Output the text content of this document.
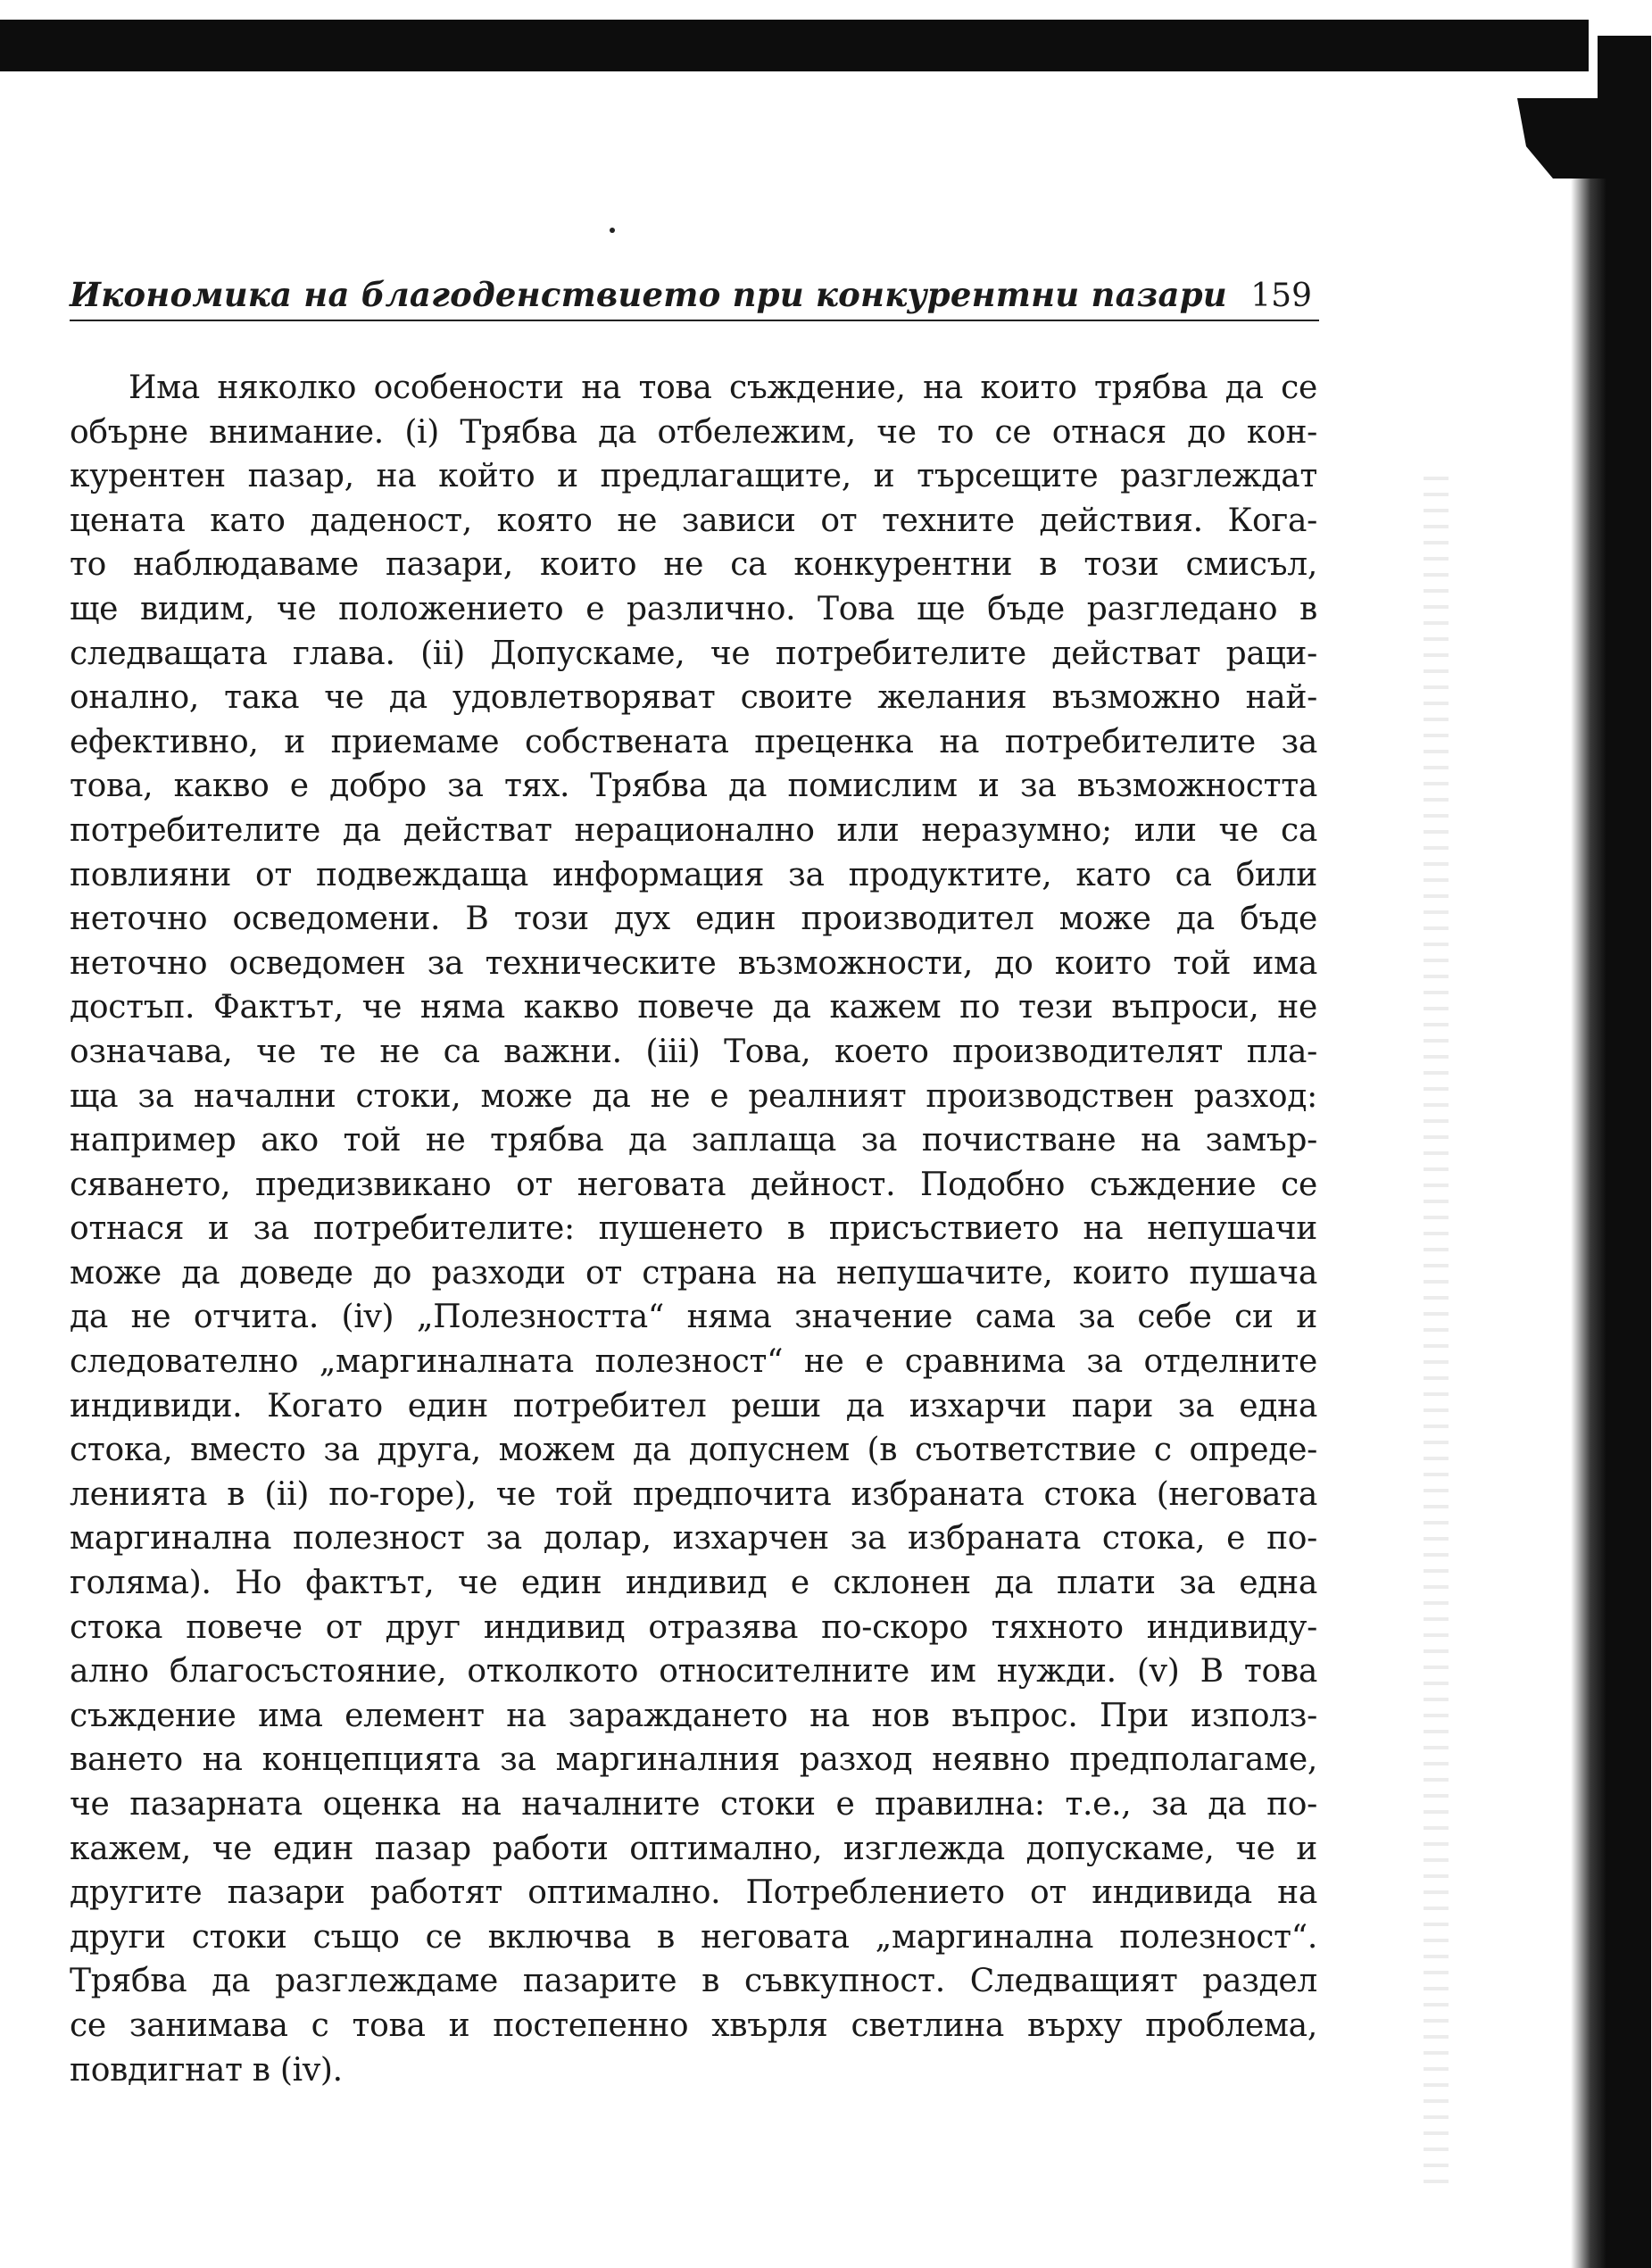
Икономика на благоденствието при конкурентни пазари 159
Има няколко особености на това съждение, на които трябва да се
обърне внимание. (i) Трябва да отбележим, че то се отнася до кон-
курентен пазар, на който и предлагащите, и търсещите разглеждат
цената като даденост, която не зависи от техните действия. Кога-
то наблюдаваме пазари, които не са конкурентни в този смисъл,
ще видим, че положението е различно. Това ще бъде разгледано в
следващата глава. (ii) Допускаме, че потребителите действат раци-
онално, така че да удовлетворяват своите желания възможно най-
ефективно, и приемаме собствената преценка на потребителите за
това, какво е добро за тях. Трябва да помислим и за възможността
потребителите да действат нерационално или неразумно; или че са
повлияни от подвеждаща информация за продуктите, като са били
неточно осведомени. В този дух един производител може да бъде
неточно осведомен за техническите възможности, до които той има
достъп. Фактът, че няма какво повече да кажем по тези въпроси, не
означава, че те не са важни. (iii) Това, което производителят пла-
ща за начални стоки, може да не е реалният производствен разход:
например ако той не трябва да заплаща за почистване на замър-
сяването, предизвикано от неговата дейност. Подобно съждение се
отнася и за потребителите: пушенето в присъствието на непушачи
може да доведе до разходи от страна на непушачите, които пушача
да не отчита. (iv) „Полезността“ няма значение сама за себе си и
следователно „маргиналната полезност“ не е сравнима за отделните
индивиди. Когато един потребител реши да изхарчи пари за една
стока, вместо за друга, можем да допуснем (в съответствие с опреде-
ленията в (ii) по-горе), че той предпочита избраната стока (неговата
маргинална полезност за долар, изхарчен за избраната стока, е по-
голяма). Но фактът, че един индивид е склонен да плати за една
стока повече от друг индивид отразява по-скоро тяхното индивиду-
ално благосъстояние, отколкото относителните им нужди. (v) В това
съждение има елемент на зараждането на нов въпрос. При използ-
ването на концепцията за маргиналния разход неявно предполагаме,
че пазарната оценка на началните стоки е правилна: т.е., за да по-
кажем, че един пазар работи оптимално, изглежда допускаме, че и
другите пазари работят оптимално. Потреблението от индивида на
други стоки също се включва в неговата „маргинална полезност“.
Трябва да разглеждаме пазарите в съвкупност. Следващият раздел
се занимава с това и постепенно хвърля светлина върху проблема,
повдигнат в (iv).
